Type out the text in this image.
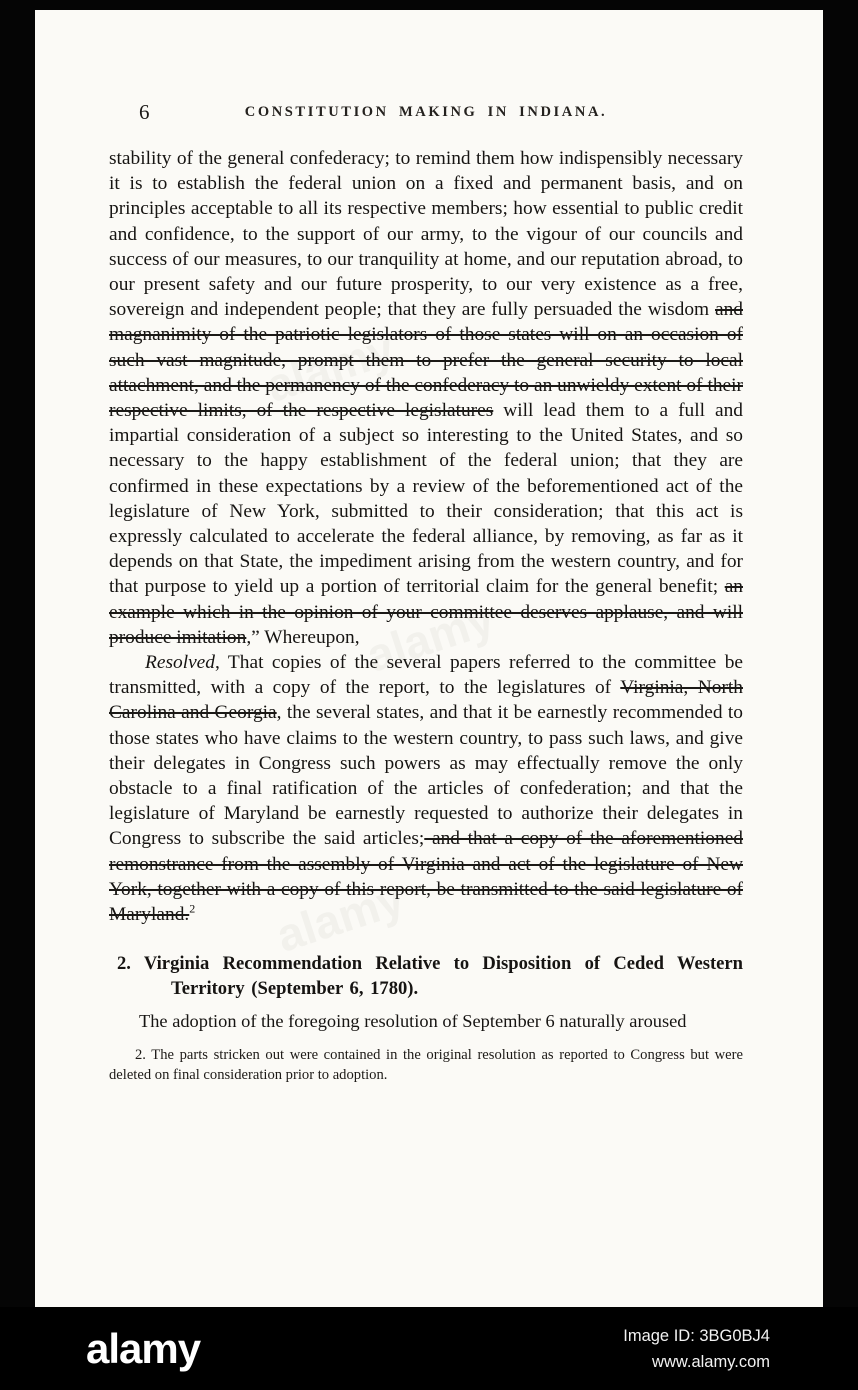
6	CONSTITUTION MAKING IN INDIANA.

stability of the general confederacy; to remind them how indispensibly necessary it is to establish the federal union on a fixed and permanent basis, and on principles acceptable to all its respective members; how essential to public credit and confidence, to the support of our army, to the vigour of our councils and success of our measures, to our tranquility at home, and our reputation abroad, to our present safety and our future prosperity, to our very existence as a free, sovereign and independent people; that they are fully persuaded the wisdom and magnanimity of the patriotic legislators of those states will on an occasion of such vast magnitude, prompt them to prefer the general security to local attachment, and the permanency of the confederacy to an unwieldy extent of their respective limits, of the respective legislatures will lead them to a full and impartial consideration of a subject so interesting to the United States, and so necessary to the happy establishment of the federal union; that they are confirmed in these expectations by a review of the beforementioned act of the legislature of New York, submitted to their consideration; that this act is expressly calculated to accelerate the federal alliance, by removing, as far as it depends on that State, the impediment arising from the western country, and for that purpose to yield up a portion of territorial claim for the general benefit; an example which in the opinion of your committee deserves applause, and will produce imitation,” Whereupon,

Resolved, That copies of the several papers referred to the committee be transmitted, with a copy of the report, to the legislatures of Virginia, North Carolina and Georgia, the several states, and that it be earnestly recommended to those states who have claims to the western country, to pass such laws, and give their delegates in Congress such powers as may effectually remove the only obstacle to a final ratification of the articles of confederation; and that the legislature of Maryland be earnestly requested to authorize their delegates in Congress to subscribe the said articles; and that a copy of the aforementioned remonstrance from the assembly of Virginia and act of the legislature of New York, together with a copy of this report, be transmitted to the said legislature of Maryland.$^2$

2. Virginia Recommendation Relative to Disposition of Ceded Western Territory (September 6, 1780).

The adoption of the foregoing resolution of September 6 naturally aroused

2. The parts stricken out were contained in the original resolution as reported to Congress but were deleted on final consideration prior to adoption.

alamy
alamy
alamy
alamy	Image ID: 3BG0BJ4
www.alamy.com
